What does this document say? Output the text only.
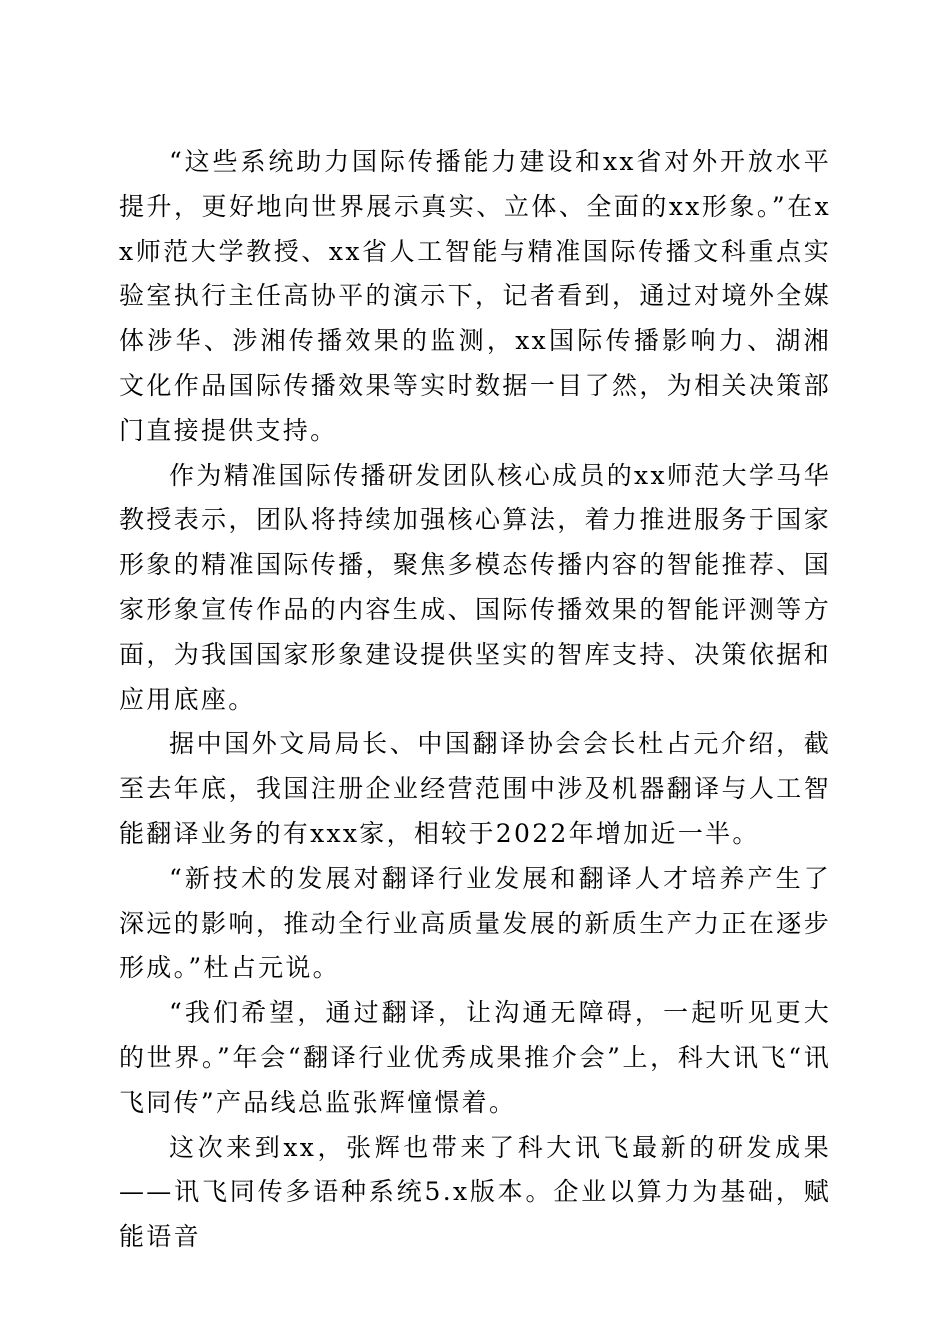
“这些系统助力国际传播能力建设和xx省对外开放水平提升，更好地向世界展示真实、立体、全面的xx形象。”在xx师范大学教授、xx省人工智能与精准国际传播文科重点实验室执行主任高协平的演示下，记者看到，通过对境外全媒体涉华、涉湘传播效果的监测，xx国际传播影响力、湖湘文化作品国际传播效果等实时数据一目了然，为相关决策部门直接提供支持。

作为精准国际传播研发团队核心成员的xx师范大学马华教授表示，团队将持续加强核心算法，着力推进服务于国家形象的精准国际传播，聚焦多模态传播内容的智能推荐、国家形象宣传作品的内容生成、国际传播效果的智能评测等方面，为我国国家形象建设提供坚实的智库支持、决策依据和应用底座。

据中国外文局局长、中国翻译协会会长杜占元介绍，截至去年底，我国注册企业经营范围中涉及机器翻译与人工智能翻译业务的有xxx家，相较于2022年增加近一半。

“新技术的发展对翻译行业发展和翻译人才培养产生了深远的影响，推动全行业高质量发展的新质生产力正在逐步形成。”杜占元说。

“我们希望，通过翻译，让沟通无障碍，一起听见更大的世界。”年会“翻译行业优秀成果推介会”上，科大讯飞“讯飞同传”产品线总监张辉憧憬着。

这次来到xx，张辉也带来了科大讯飞最新的研发成果——讯飞同传多语种系统5.x版本。企业以算力为基础，赋能语音
